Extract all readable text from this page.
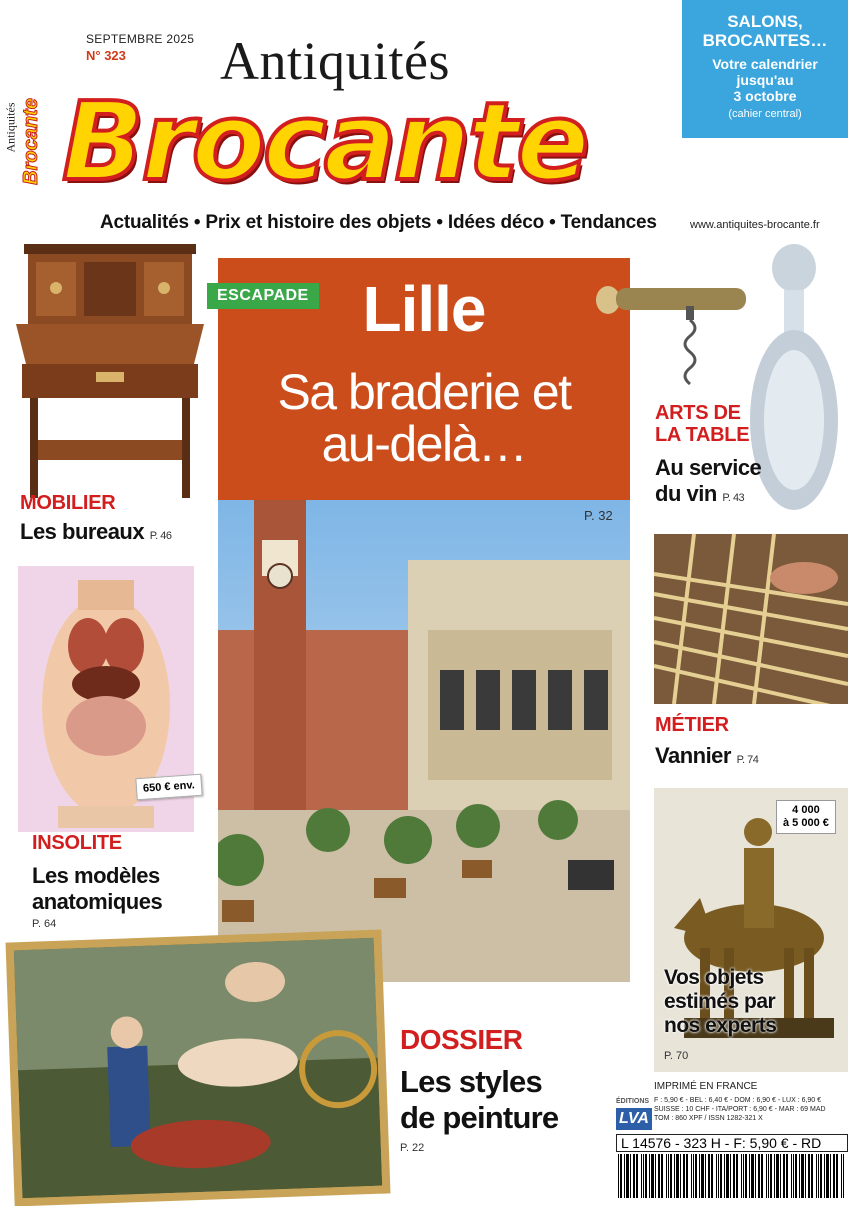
SEPTEMBRE 2025
N° 323 Antiquités
Brocante
Antiquités Brocante
Actualités • Prix et histoire des objets • Idées déco • Tendances	www.antiquites-brocante.fr
SALONS,
BROCANTES…
Votre calendrier
jusqu'au
3 octobre
(cahier central)
MOBILIER
Les bureaux P. 46
650 € env.
INSOLITE
Les modèles
anatomiques
P. 64
Lille
ESCAPADE
Sa braderie et
au-delà…
P. 32
ARTS DE
LA TABLE
Au service
du vin P. 43
MÉTIER
Vannier P. 74
4 000
à 5 000 €
Vos objets
estimés par
nos experts
P. 70
DOSSIER
Les styles
de peinture
P. 22
IMPRIMÉ EN FRANCE
ÉDITIONS
LVA
F : 5,90 € - BEL : 6,40 € - DOM : 6,90 € - LUX : 6,90 €
SUISSE : 10 CHF - ITA/PORT : 6,90 € - MAR : 69 MAD
TOM : 860 XPF / ISSN 1282-321 X
L 14576 - 323 H - F: 5,90 € - RD
